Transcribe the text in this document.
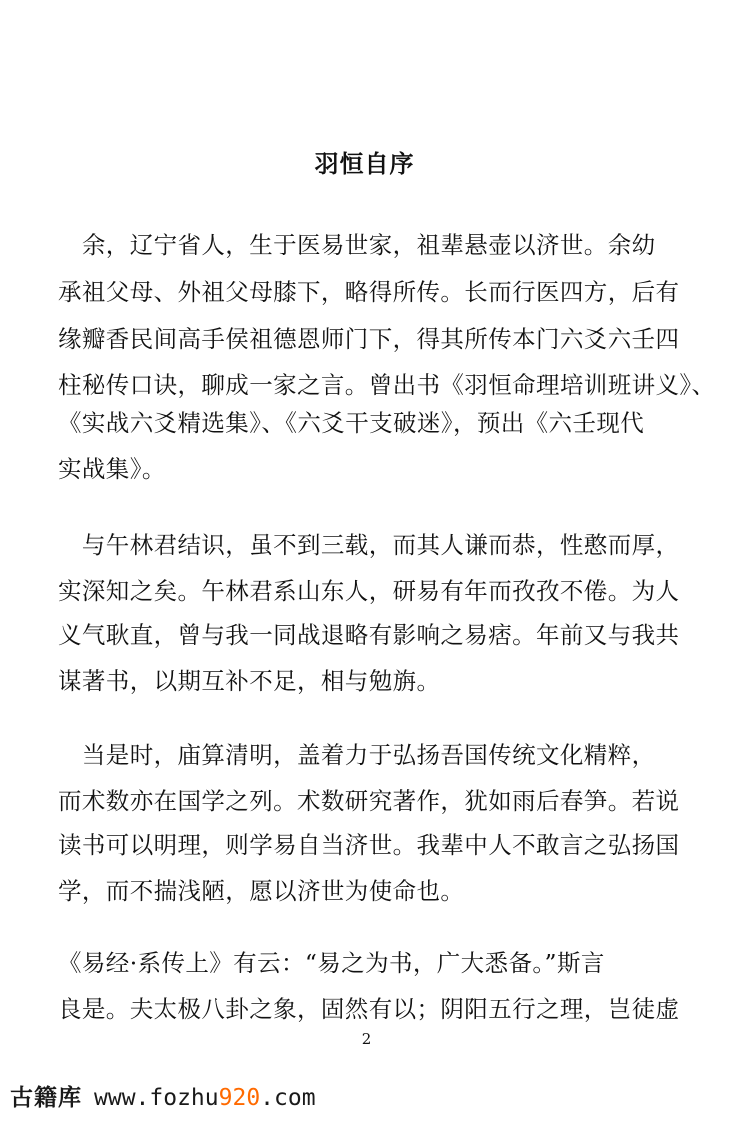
羽恒自序
　余，辽宁省人，生于医易世家，祖辈悬壶以济世。余幼
承祖父母、外祖父母膝下，略得所传。长而行医四方，后有
缘瓣香民间高手侯祖德恩师门下，得其所传本门六爻六壬四
柱秘传口诀，聊成一家之言。曾出书《羽恒命理培训班讲义》、
《实战六爻精选集》、《六爻干支破迷》，预出《六壬现代
实战集》。
　与午林君结识，虽不到三载，而其人谦而恭，性憨而厚，
实深知之矣。午林君系山东人，研易有年而孜孜不倦。为人
义气耿直，曾与我一同战退略有影响之易痞。年前又与我共
谋著书，以期互补不足，相与勉旃。
　当是时，庙算清明，盖着力于弘扬吾国传统文化精粹，
而术数亦在国学之列。术数研究著作，犹如雨后春笋。若说
读书可以明理，则学易自当济世。我辈中人不敢言之弘扬国
学，而不揣浅陋，愿以济世为使命也。
《易经·系传上》有云：“易之为书，广大悉备。”斯言
良是。夫太极八卦之象，固然有以；阴阳五行之理，岂徒虚
2
古籍库 www.fozhu920.com
